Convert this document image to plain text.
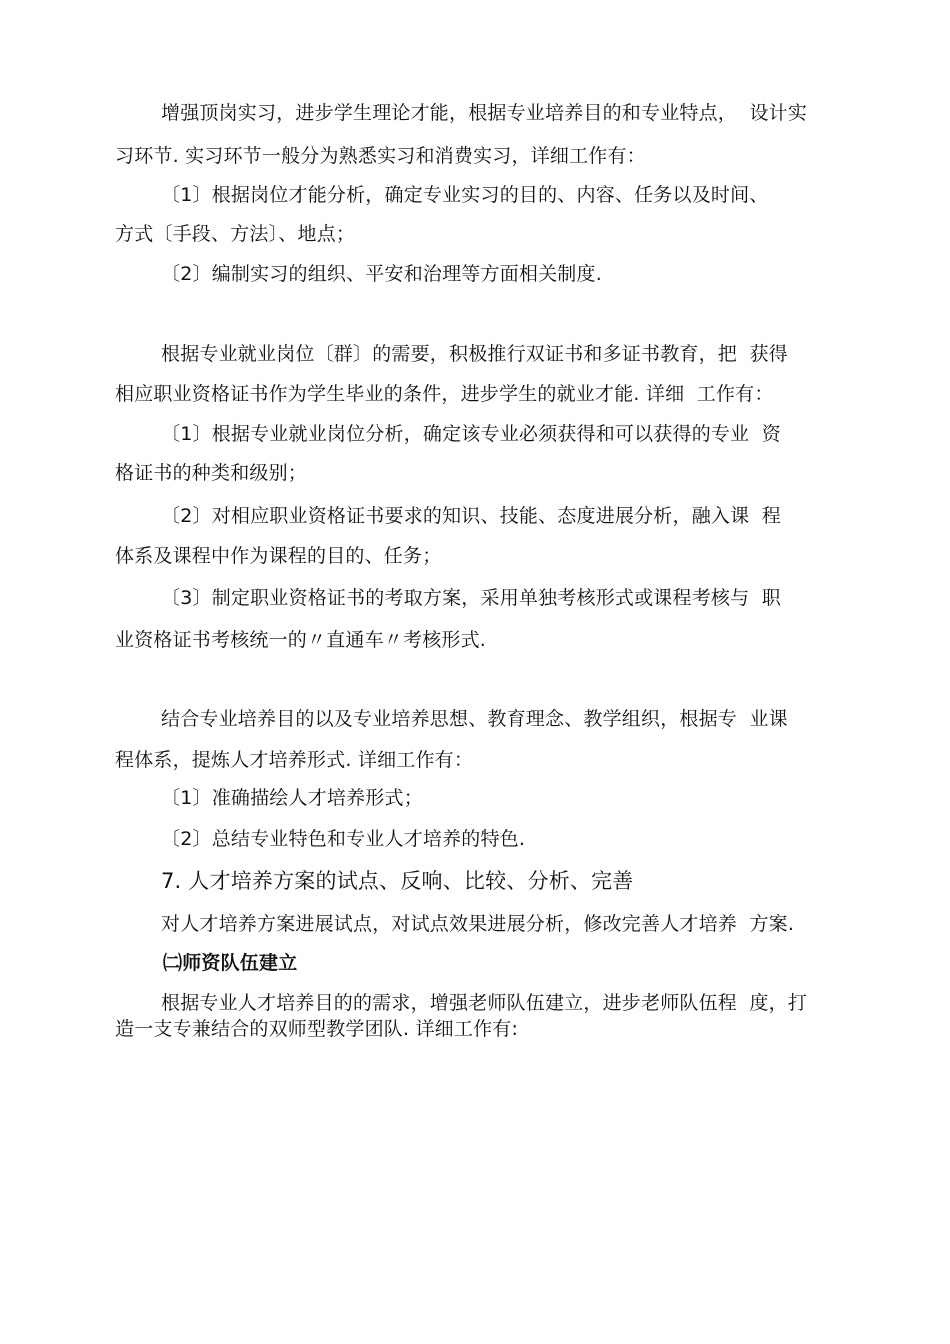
增强顶岗实习，进步学生理论才能，根据专业培养目的和专业特点，  设计实
习环节. 实习环节一般分为熟悉实习和消费实习，详细工作有：
〔1〕根据岗位才能分析，确定专业实习的目的、内容、任务以及时间、
方式〔手段、方法〕、地点；
〔2〕编制实习的组织、平安和治理等方面相关制度.
根据专业就业岗位〔群〕的需要，积极推行双证书和多证书教育，把  获得
相应职业资格证书作为学生毕业的条件，进步学生的就业才能. 详细  工作有：
〔1〕根据专业就业岗位分析，确定该专业必须获得和可以获得的专业  资
格证书的种类和级别；
〔2〕对相应职业资格证书要求的知识、技能、态度进展分析，融入课  程
体系及课程中作为课程的目的、任务；
〔3〕制定职业资格证书的考取方案，采用单独考核形式或课程考核与  职
业资格证书考核统一的〃直通车〃考核形式.
结合专业培养目的以及专业培养思想、教育理念、教学组织，根据专  业课
程体系，提炼人才培养形式. 详细工作有：
〔1〕准确描绘人才培养形式；
〔2〕总结专业特色和专业人才培养的特色.
7. 人才培养方案的试点、反响、比较、分析、完善
对人才培养方案进展试点，对试点效果进展分析，修改完善人才培养  方案.
㈡师资队伍建立
根据专业人才培养目的的需求，增强老师队伍建立，进步老师队伍程  度，打
造一支专兼结合的双师型教学团队. 详细工作有:
